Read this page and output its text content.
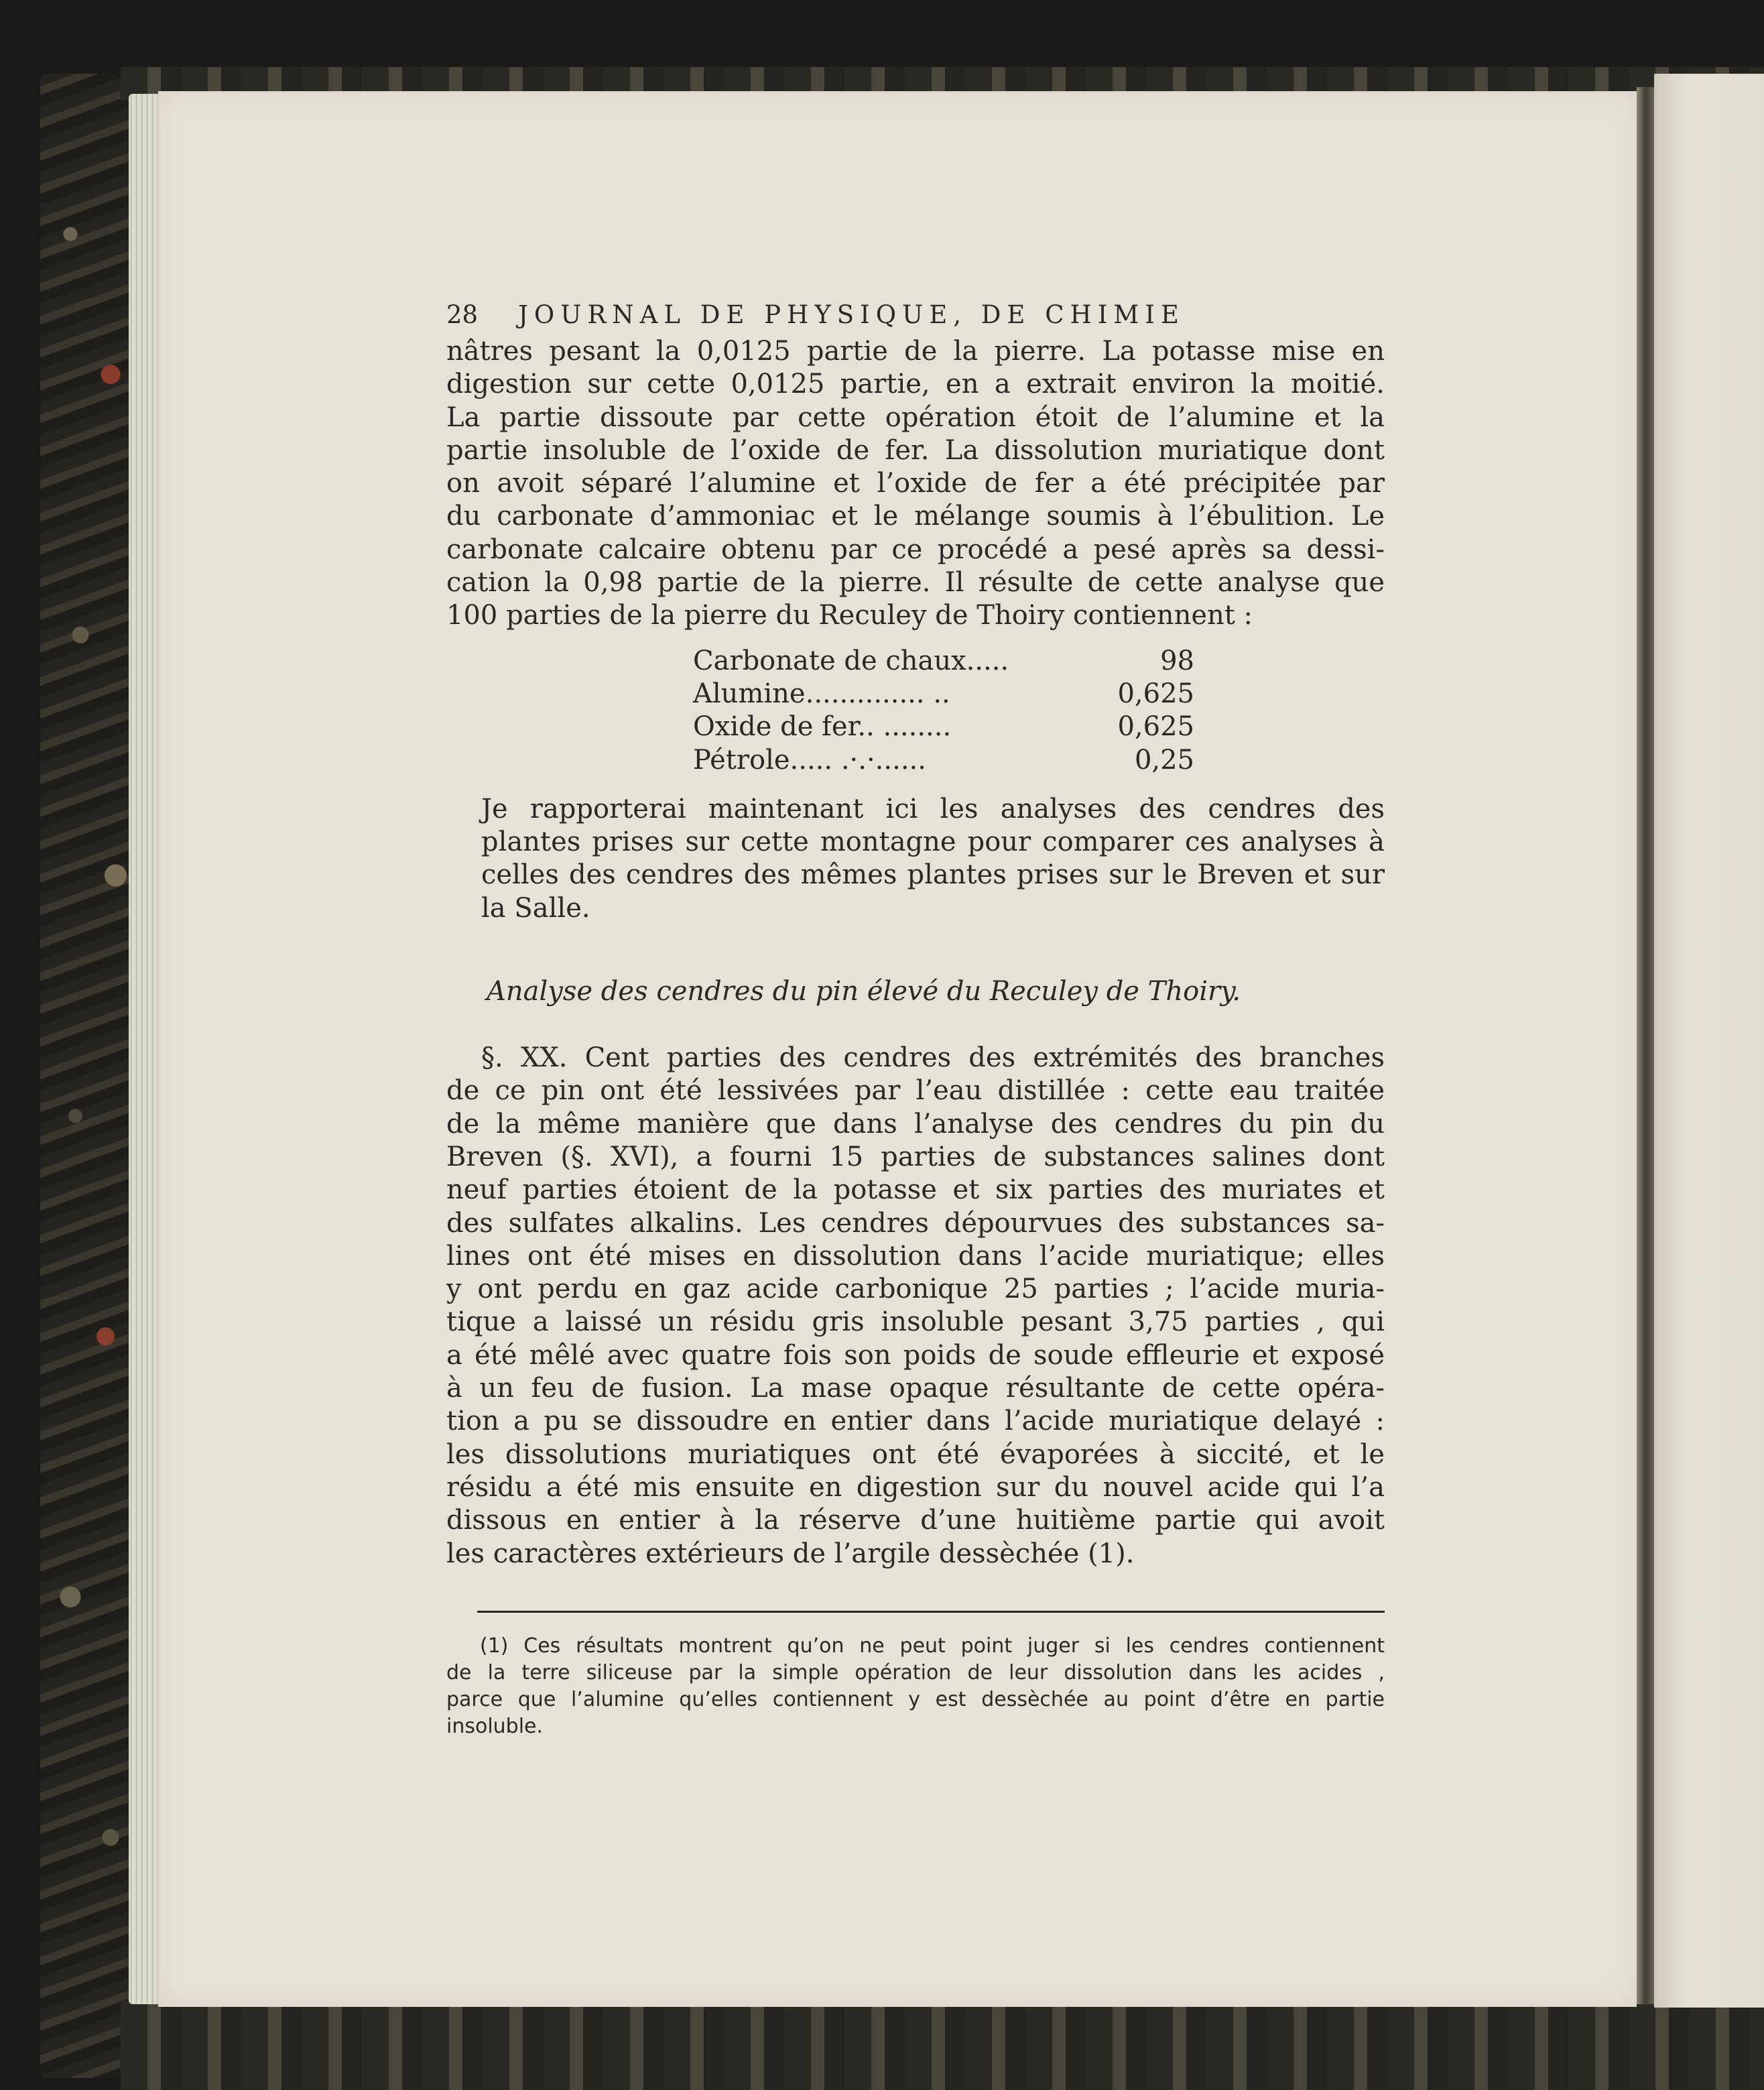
28 JOURNAL DE PHYSIQUE, DE CHIMIE

nâtres pesant la 0,0125 partie de la pierre. La potasse mise en
digestion sur cette 0,0125 partie, en a extrait environ la moitié.
La partie dissoute par cette opération étoit de l’alumine et la
partie insoluble de l’oxide de fer. La dissolution muriatique dont
on avoit séparé l’alumine et l’oxide de fer a été précipitée par
du carbonate d’ammoniac et le mélange soumis à l’ébulition. Le
carbonate calcaire obtenu par ce procédé a pesé après sa dessi-
cation la 0,98 partie de la pierre. Il résulte de cette analyse que
100 parties de la pierre du Reculey de Thoiry contiennent :

Carbonate de chaux.....	98
Alumine.............. ..	0,625
Oxide de fer.. ........	0,625
Pétrole..... .·.·......	0,25

Je rapporterai maintenant ici les analyses des cendres des
plantes prises sur cette montagne pour comparer ces analyses à
celles des cendres des mêmes plantes prises sur le Breven et sur
la Salle.

Analyse des cendres du pin élevé du Reculey de Thoiry.

§. XX. Cent parties des cendres des extrémités des branches
de ce pin ont été lessivées par l’eau distillée : cette eau traitée
de la même manière que dans l’analyse des cendres du pin du
Breven (§. XVI), a fourni 15 parties de substances salines dont
neuf parties étoient de la potasse et six parties des muriates et
des sulfates alkalins. Les cendres dépourvues des substances sa-
lines ont été mises en dissolution dans l’acide muriatique; elles
y ont perdu en gaz acide carbonique 25 parties ; l’acide muria-
tique a laissé un résidu gris insoluble pesant 3,75 parties , qui
a été mêlé avec quatre fois son poids de soude effleurie et exposé
à un feu de fusion. La mase opaque résultante de cette opéra-
tion a pu se dissoudre en entier dans l’acide muriatique delayé :
les dissolutions muriatiques ont été évaporées à siccité, et le
résidu a été mis ensuite en digestion sur du nouvel acide qui l’a
dissous en entier à la réserve d’une huitième partie qui avoit
les caractères extérieurs de l’argile dessèchée (1).

(1) Ces résultats montrent qu’on ne peut point juger si les cendres contiennent
de la terre siliceuse par la simple opération de leur dissolution dans les acides ,
parce que l’alumine qu’elles contiennent y est dessèchée au point d’être en partie
insoluble.
